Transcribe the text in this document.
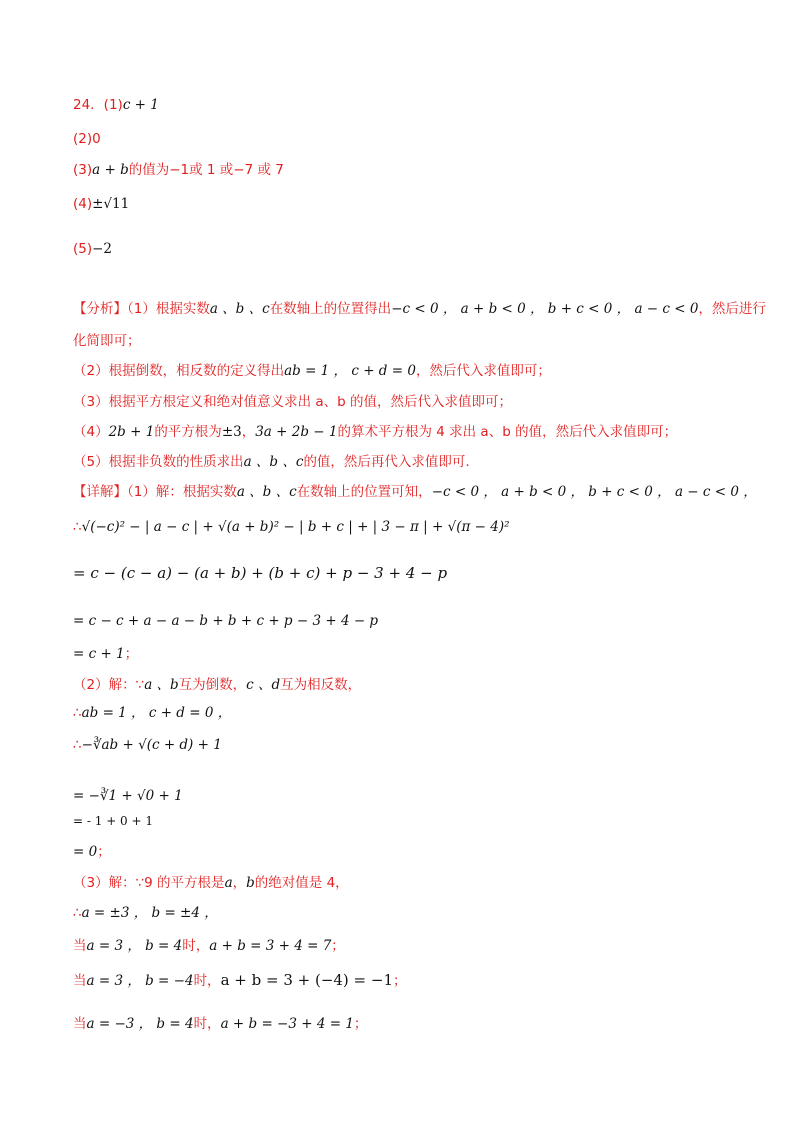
24．(1)c + 1
(2)0
(3)a + b的值为−1或 1 或−7 或 7
(4)±√11
(5)−2
【分析】（1）根据实数a 、b 、c在数轴上的位置得出−c < 0 ， a + b < 0 ， b + c < 0 ， a − c < 0，然后进行
化简即可；
（2）根据倒数，相反数的定义得出ab = 1 ， c + d = 0，然后代入求值即可；
（3）根据平方根定义和绝对值意义求出 a、b 的值，然后代入求值即可；
（4）2b + 1的平方根为±3，3a + 2b − 1的算术平方根为 4 求出 a、b 的值，然后代入求值即可；
（5）根据非负数的性质求出a 、b 、c的值，然后再代入求值即可.
【详解】（1）解：根据实数a 、b 、c在数轴上的位置可知，−c < 0 ， a + b < 0 ， b + c < 0 ， a − c < 0 ，
∴√(−c)² − | a − c | + √(a + b)² − | b + c | + | 3 − π | + √(π − 4)²
= c − (c − a) − (a + b) + (b + c) + p − 3 + 4 − p
= c − c + a − a − b + b + c + p − 3 + 4 − p
= c + 1；
（2）解：∵a 、b互为倒数，c 、d互为相反数，
∴ab = 1 ， c + d = 0 ，
∴−∛ab + √(c + d) + 1
= −∛1 + √0 + 1
= - 1 + 0 + 1
= 0；
（3）解：∵9 的平方根是a，b的绝对值是 4，
∴a = ±3 ， b = ±4 ，
当a = 3 ， b = 4时，a + b = 3 + 4 = 7；
当a = 3 ， b = −4时，a + b = 3 + (−4) = −1；
当a = −3 ， b = 4时，a + b = −3 + 4 = 1；
